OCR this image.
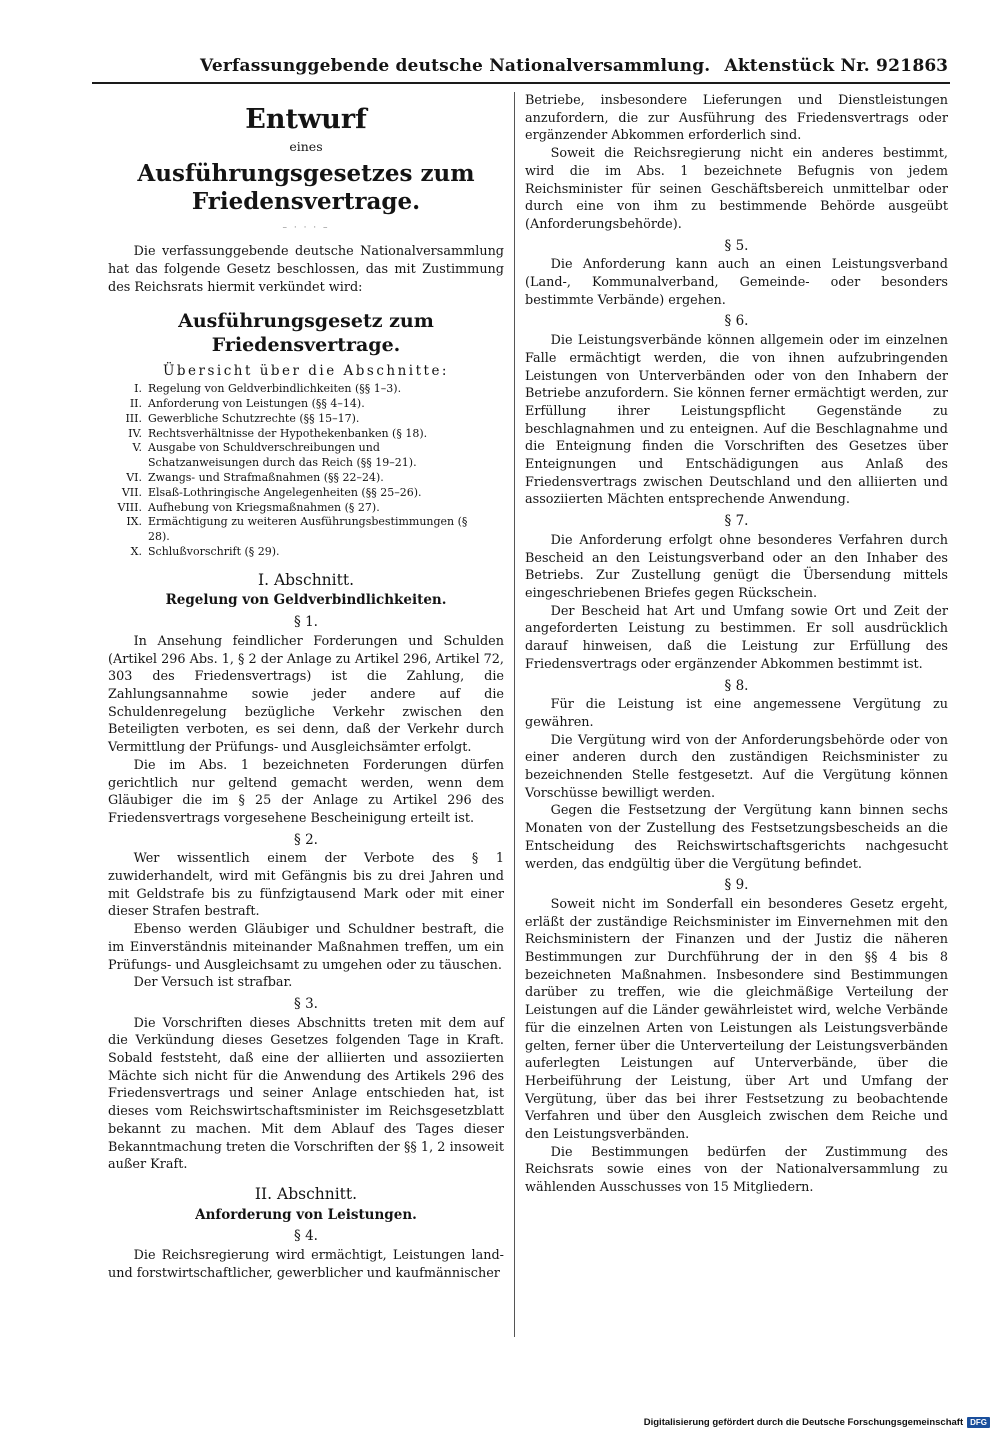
Verfassunggebende deutsche Nationalversammlung. Aktenstück Nr. 921.
863
Entwurf
eines
Ausführungsgesetzes zum Friedensvertrage.
– · · · –

Die verfassunggebende deutsche Nationalversammlung hat das folgende Gesetz beschlossen, das mit Zustimmung des Reichsrats hiermit verkündet wird:

Ausführungsgesetz zum Friedensvertrage.
Übersicht über die Abschnitte:
I. Regelung von Geldverbindlichkeiten (§§ 1–3).
II. Anforderung von Leistungen (§§ 4–14).
III. Gewerbliche Schutzrechte (§§ 15–17).
IV. Rechtsverhältnisse der Hypothekenbanken (§ 18).
V. Ausgabe von Schuldverschreibungen und Schatzanweisungen durch das Reich (§§ 19–21).
VI. Zwangs- und Strafmaßnahmen (§§ 22–24).
VII. Elsaß-Lothringische Angelegenheiten (§§ 25–26).
VIII. Aufhebung von Kriegsmaßnahmen (§ 27).
IX. Ermächtigung zu weiteren Ausführungsbestimmungen (§ 28).
X. Schlußvorschrift (§ 29).
I. Abschnitt.
Regelung von Geldverbindlichkeiten.
§ 1.

In Ansehung feindlicher Forderungen und Schulden (Artikel 296 Abs. 1, § 2 der Anlage zu Artikel 296, Artikel 72, 303 des Friedensvertrags) ist die Zahlung, die Zahlungsannahme sowie jeder andere auf die Schuldenregelung bezügliche Verkehr zwischen den Beteiligten verboten, es sei denn, daß der Verkehr durch Vermittlung der Prüfungs- und Ausgleichsämter erfolgt.

Die im Abs. 1 bezeichneten Forderungen dürfen gerichtlich nur geltend gemacht werden, wenn dem Gläubiger die im § 25 der Anlage zu Artikel 296 des Friedensvertrags vorgesehene Bescheinigung erteilt ist.

§ 2.

Wer wissentlich einem der Verbote des § 1 zuwiderhandelt, wird mit Gefängnis bis zu drei Jahren und mit Geldstrafe bis zu fünfzigtausend Mark oder mit einer dieser Strafen bestraft.

Ebenso werden Gläubiger und Schuldner bestraft, die im Einverständnis miteinander Maßnahmen treffen, um ein Prüfungs- und Ausgleichsamt zu umgehen oder zu täuschen.

Der Versuch ist strafbar.

§ 3.

Die Vorschriften dieses Abschnitts treten mit dem auf die Verkündung dieses Gesetzes folgenden Tage in Kraft. Sobald feststeht, daß eine der alliierten und assoziierten Mächte sich nicht für die Anwendung des Artikels 296 des Friedensvertrags und seiner Anlage entschieden hat, ist dieses vom Reichswirtschaftsminister im Reichsgesetzblatt bekannt zu machen. Mit dem Ablauf des Tages dieser Bekanntmachung treten die Vorschriften der §§ 1, 2 insoweit außer Kraft.

II. Abschnitt.
Anforderung von Leistungen.
§ 4.

Die Reichsregierung wird ermächtigt, Leistungen land- und forstwirtschaftlicher, gewerblicher und kaufmännischer

Betriebe, insbesondere Lieferungen und Dienstleistungen anzufordern, die zur Ausführung des Friedensvertrags oder ergänzender Abkommen erforderlich sind.

Soweit die Reichsregierung nicht ein anderes bestimmt, wird die im Abs. 1 bezeichnete Befugnis von jedem Reichsminister für seinen Geschäftsbereich unmittelbar oder durch eine von ihm zu bestimmende Behörde ausgeübt (Anforderungsbehörde).

§ 5.

Die Anforderung kann auch an einen Leistungsverband (Land-, Kommunalverband, Gemeinde- oder besonders bestimmte Verbände) ergehen.

§ 6.

Die Leistungsverbände können allgemein oder im einzelnen Falle ermächtigt werden, die von ihnen aufzubringenden Leistungen von Unterverbänden oder von den Inhabern der Betriebe anzufordern. Sie können ferner ermächtigt werden, zur Erfüllung ihrer Leistungspflicht Gegenstände zu beschlagnahmen und zu enteignen. Auf die Beschlagnahme und die Enteignung finden die Vorschriften des Gesetzes über Enteignungen und Entschädigungen aus Anlaß des Friedensvertrags zwischen Deutschland und den alliierten und assoziierten Mächten entsprechende Anwendung.

§ 7.

Die Anforderung erfolgt ohne besonderes Verfahren durch Bescheid an den Leistungsverband oder an den Inhaber des Betriebs. Zur Zustellung genügt die Übersendung mittels eingeschriebenen Briefes gegen Rückschein.

Der Bescheid hat Art und Umfang sowie Ort und Zeit der angeforderten Leistung zu bestimmen. Er soll ausdrücklich darauf hinweisen, daß die Leistung zur Erfüllung des Friedensvertrags oder ergänzender Abkommen bestimmt ist.

§ 8.

Für die Leistung ist eine angemessene Vergütung zu gewähren.

Die Vergütung wird von der Anforderungsbehörde oder von einer anderen durch den zuständigen Reichsminister zu bezeichnenden Stelle festgesetzt. Auf die Vergütung können Vorschüsse bewilligt werden.

Gegen die Festsetzung der Vergütung kann binnen sechs Monaten von der Zustellung des Festsetzungsbescheids an die Entscheidung des Reichswirtschaftsgerichts nachgesucht werden, das endgültig über die Vergütung befindet.

§ 9.

Soweit nicht im Sonderfall ein besonderes Gesetz ergeht, erläßt der zuständige Reichsminister im Einvernehmen mit den Reichsministern der Finanzen und der Justiz die näheren Bestimmungen zur Durchführung der in den §§ 4 bis 8 bezeichneten Maßnahmen. Insbesondere sind Bestimmungen darüber zu treffen, wie die gleichmäßige Verteilung der Leistungen auf die Länder gewährleistet wird, welche Verbände für die einzelnen Arten von Leistungen als Leistungsverbände gelten, ferner über die Unterverteilung der Leistungsverbänden auferlegten Leistungen auf Unterverbände, über die Herbeiführung der Leistung, über Art und Umfang der Vergütung, über das bei ihrer Festsetzung zu beobachtende Verfahren und über den Ausgleich zwischen dem Reiche und den Leistungsverbänden.

Die Bestimmungen bedürfen der Zustimmung des Reichsrats sowie eines von der Nationalversammlung zu wählenden Ausschusses von 15 Mitgliedern.

Digitalisierung gefördert durch die Deutsche Forschungsgemeinschaft DFG
